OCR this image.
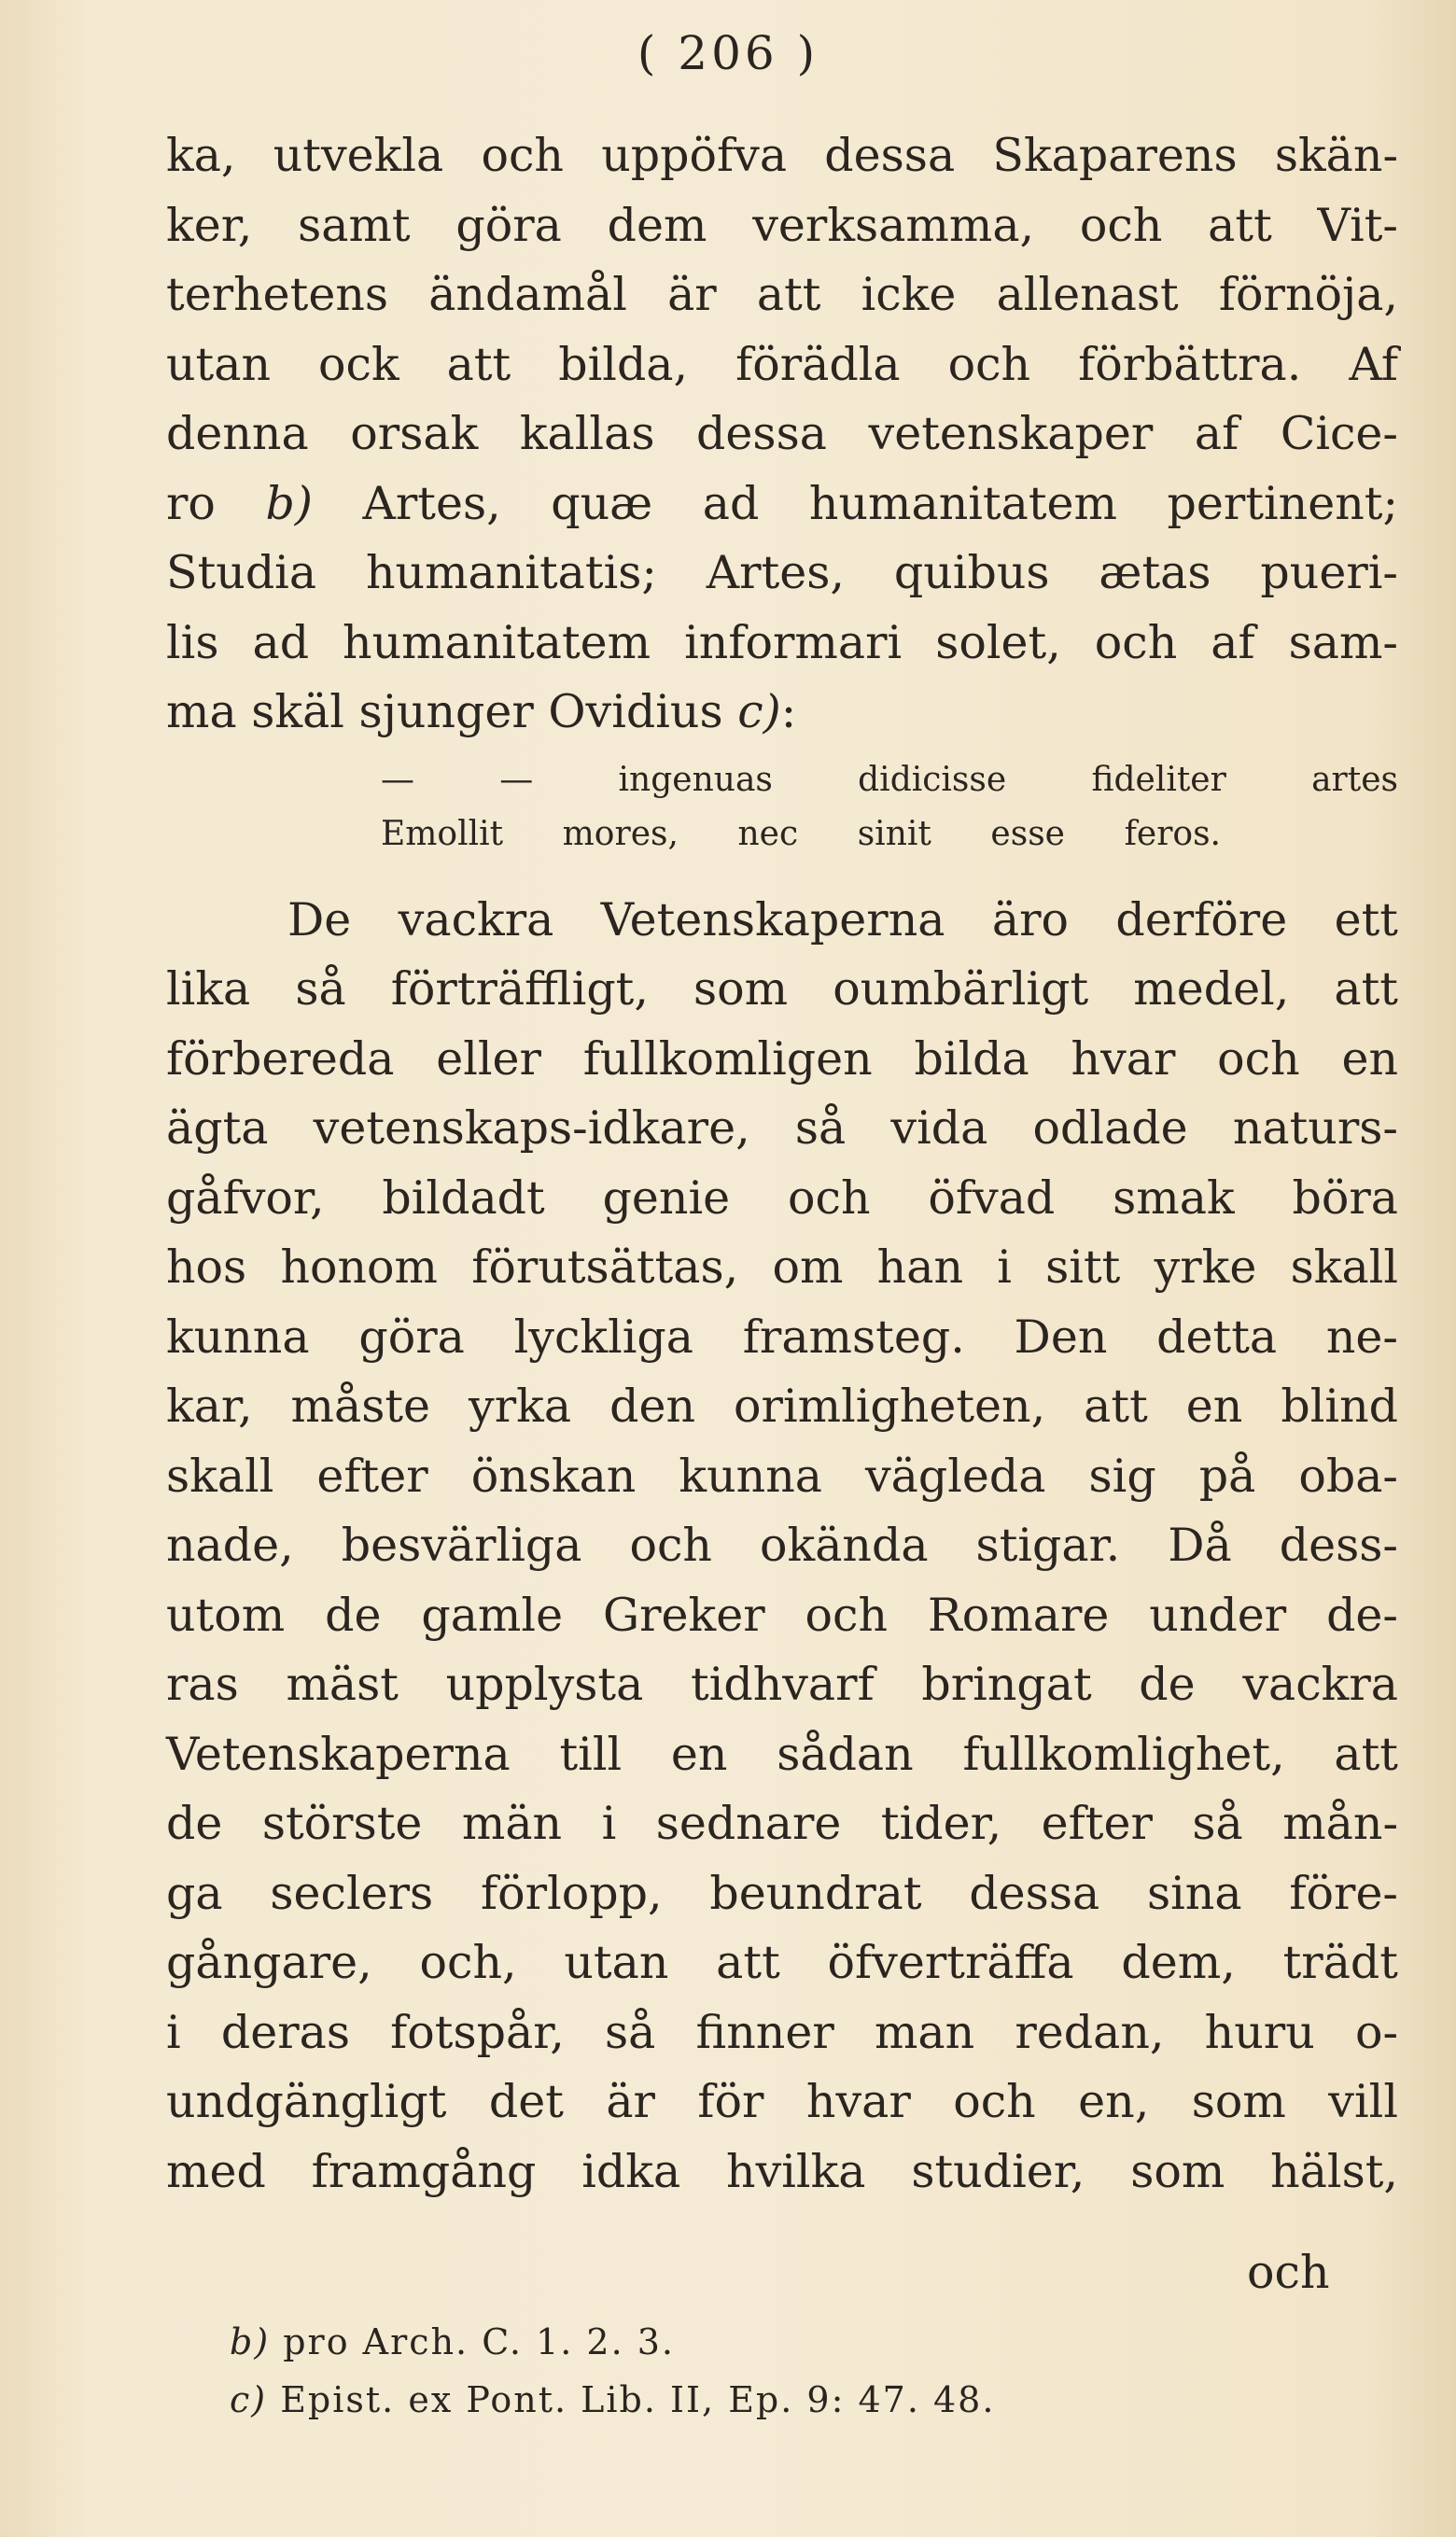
( 206 )
ka, utvekla och uppöfva dessa Skaparens skän-
ker, samt göra dem verksamma, och att Vit-
terhetens ändamål är att icke allenast förnöja,
utan ock att bilda, förädla och förbättra. Af
denna orsak kallas dessa vetenskaper af Cice-
ro b) Artes, quæ ad humanitatem pertinent;
Studia humanitatis; Artes, quibus ætas pueri-
lis ad humanitatem informari solet, och af sam-
ma skäl sjunger Ovidius c):
— — ingenuas didicisse fideliter artes
Emollit mores, nec sinit esse feros.
De vackra Vetenskaperna äro derföre ett
lika så förträffligt, som oumbärligt medel, att
förbereda eller fullkomligen bilda hvar och en
ägta vetenskaps-idkare, så vida odlade naturs-
gåfvor, bildadt genie och öfvad smak böra
hos honom förutsättas, om han i sitt yrke skall
kunna göra lyckliga framsteg. Den detta ne-
kar, måste yrka den orimligheten, att en blind
skall efter önskan kunna vägleda sig på oba-
nade, besvärliga och okända stigar. Då dess-
utom de gamle Greker och Romare under de-
ras mäst upplysta tidhvarf bringat de vackra
Vetenskaperna till en sådan fullkomlighet, att
de störste män i sednare tider, efter så mån-
ga seclers förlopp, beundrat dessa sina före-
gångare, och, utan att öfverträffa dem, trädt
i deras fotspår, så finner man redan, huru o-
undgängligt det är för hvar och en, som vill
med framgång idka hvilka studier, som hälst,
och
b) pro Arch. C. 1. 2. 3.
c) Epist. ex Pont. Lib. II, Ep. 9: 47. 48.
